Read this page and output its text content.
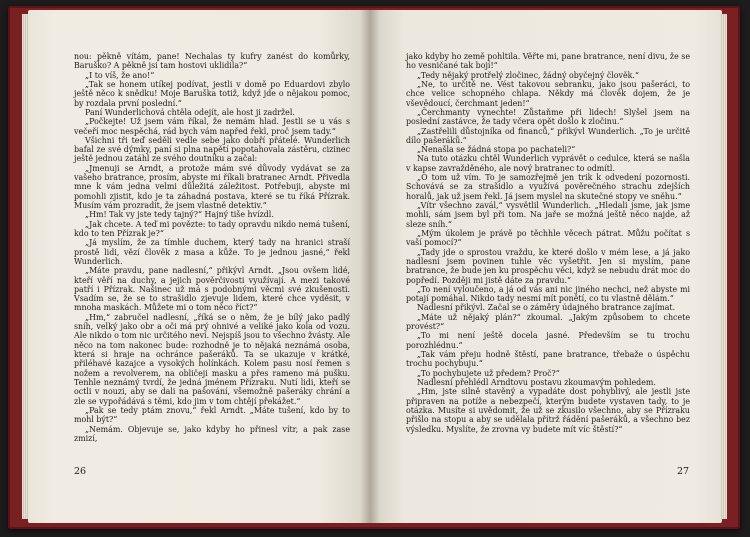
nou: pěkně vítám, pane! Nechalas ty kufry zanést do komůrky, Baruško? A pěkně jsi tam hostovi uklidila?“

„I to víš, že ano!“

„Tak se honem utíkej podívat, jestli v domě po Eduardovi zbylo ještě něco k snědku! Moje Baruška totiž, když jde o nějakou pomoc, by rozdala první poslední.“

Paní Wunderlichová chtěla odejít, ale host ji zadržel.

„Počkejte! Už jsem vám říkal, že nemám hlad. Jestli se u vás s večeří moc nespěchá, rád bych vám napřed řekl, proč jsem tady.“

Všichni tři teď seděli vedle sebe jako dobří přátelé. Wunderlich bafal ze své dýmky, paní si plna napětí popotahovala zástěru, cizinec ještě jednou zatáhl ze svého doutníku a začal:

„Jmenuji se Arndt, a protože mám své důvody vydávat se za vašeho bratrance, prosím, abyste mi říkali bratranec Arndt. Přivedla mne k vám jedna velmi důležitá záležitost. Potřebuji, abyste mi pomohli zjistit, kdo je ta záhadná postava, které se tu říká Přízrak. Musím vám prozradit, že jsem vlastně detektiv.“

„Hm! Tak vy jste tedy tajný?“ Hajný tiše hvízdl.

„Jak chcete. A teď mi povězte: to tady opravdu nikdo nemá tušení, kdo to ten Přízrak je?“

„Já myslím, že za tímhle duchem, který tady na hranici straší prostě lidi, vězí člověk z masa a kůže. To je jednou jasné,“ řekl Wunderlich.

„Máte pravdu, pane nadlesní,“ přikývl Arndt. „Jsou ovšem lidé, kteří věří na duchy, a jejich pověrčivosti využívají. A mezi takové patří i Přízrak. Našinec už má s podobnými věcmi své zkušenosti. Vsadím se, že se to strašidlo zjevuje lidem, které chce vyděsit, v mnoha maskách. Můžete mi o tom něco říct?“

„Hm,“ zabručel nadlesní, „říká se o něm, že je bílý jako padlý sníh, velký jako obr a oči má prý ohnivé a veliké jako kola od vozu. Ale nikdo o tom nic určitého neví. Nejspíš jsou to všechno žvásty. Ale něco na tom nakonec bude: rozhodně je to nějaká neznámá osoba, která si hraje na ochránce pašeráků. Ta se ukazuje v krátké, přiléhavé kazajce a vysokých holínkách. Kolem pasu nosí řemen s nožem a revolverem, na obličeji masku a přes rameno má pušku. Tenhle neznámý tvrdí, že jedná jménem Přízraku. Nutí lidi, kteří se octli v nouzi, aby se dali na pašování, všemožně pašeráky chrání a zle se vypořádává s těmi, kdo jim v tom chtějí překážet.“

„Pak se tedy ptám znovu,“ řekl Arndt. „Máte tušení, kdo by to mohl být?“

„Nemám. Objevuje se, jako kdyby ho přinesl vítr, a pak zase zmizí,

26

jako kdyby ho země pohltila. Věřte mi, pane bratrance, není divu, že se ho vesničané tak bojí!“

„Tedy nějaký protřelý zločinec, žádný obyčejný člověk.“

„Ne, to určitě ne. Vést takovou sebranku, jako jsou pašeráci, to chce velice schopného chlapa. Někdy má člověk dojem, že je vševědoucí, čerchmant jeden!“

„Čerchmanty vynechte! Zůstaňme při lidech! Slyšel jsem na poslední zastávce, že tady včera opět došlo k zločinu.“

„Zastřelili důstojníka od financů,“ přikývl Wunderlich. „To je určitě dílo pašeráků.“

„Nenašla se žádná stopa po pachateli?“

Na tuto otázku chtěl Wunderlich vyprávět o cedulce, která se našla v kapse zavražděného, ale nový bratranec to odmítl.

„O tom už vím. To je samozřejmě jen trik k odvedení pozornosti. Schovává se za strašidlo a využívá pověrečného strachu zdejších horalů, jak už jsem řekl. Já jsem myslel na skutečné stopy ve sněhu.“

„Vítr všechno zavál,“ vysvětlil Wunderlich. „Hledali jsme, jak jsme mohli, sám jsem byl při tom. Na jaře se možná ještě něco najde, až sleze sníh.“

„Mým úkolem je právě po těchhle věcech pátrat. Můžu počítat s vaší pomocí?“

„Tady jde o sprostou vraždu, ke které došlo v mém lese, a já jako nadlesní jsem povinen tuhle věc vyšetřit. Jen si myslím, pane bratrance, že bude jen ku prospěchu věci, když se nebudu drát moc do popředí. Později mi jistě dáte za pravdu.“

„To není vyloučeno, a já od vás ani nic jiného nechci, než abyste mi potají pomáhal. Nikdo tady nesmí mít ponětí, co tu vlastně dělám.“

Nadlesní přikývl. Začal se o záměry údajného bratrance zajímat.

„Máte už nějaký plán?“ zkoumal. „Jakým způsobem to chcete provést?“

„To mi není ještě docela jasné. Především se tu trochu porozhlédnu.“

„Tak vám přeju hodně štěstí, pane bratrance, třebaže o úspěchu trochu pochybuju.“

„To pochybujete už předem? Proč?“

Nadlesní přehlédl Arndtovu postavu zkoumavým pohledem.

„Hm, jste silně stavěný a vypadáte dost pohyblivý, ale jestli jste připraven na potíže a nebezpečí, kterým budete vystaven tady, to je otázka. Musíte si uvědomit, že už se zkusilo všechno, aby se Přízraku přišlo na stopu a aby se udělala přítrž řádění pašeráků, a všechno bez výsledku. Myslíte, že zrovna vy budete mít víc štěstí?“

27
